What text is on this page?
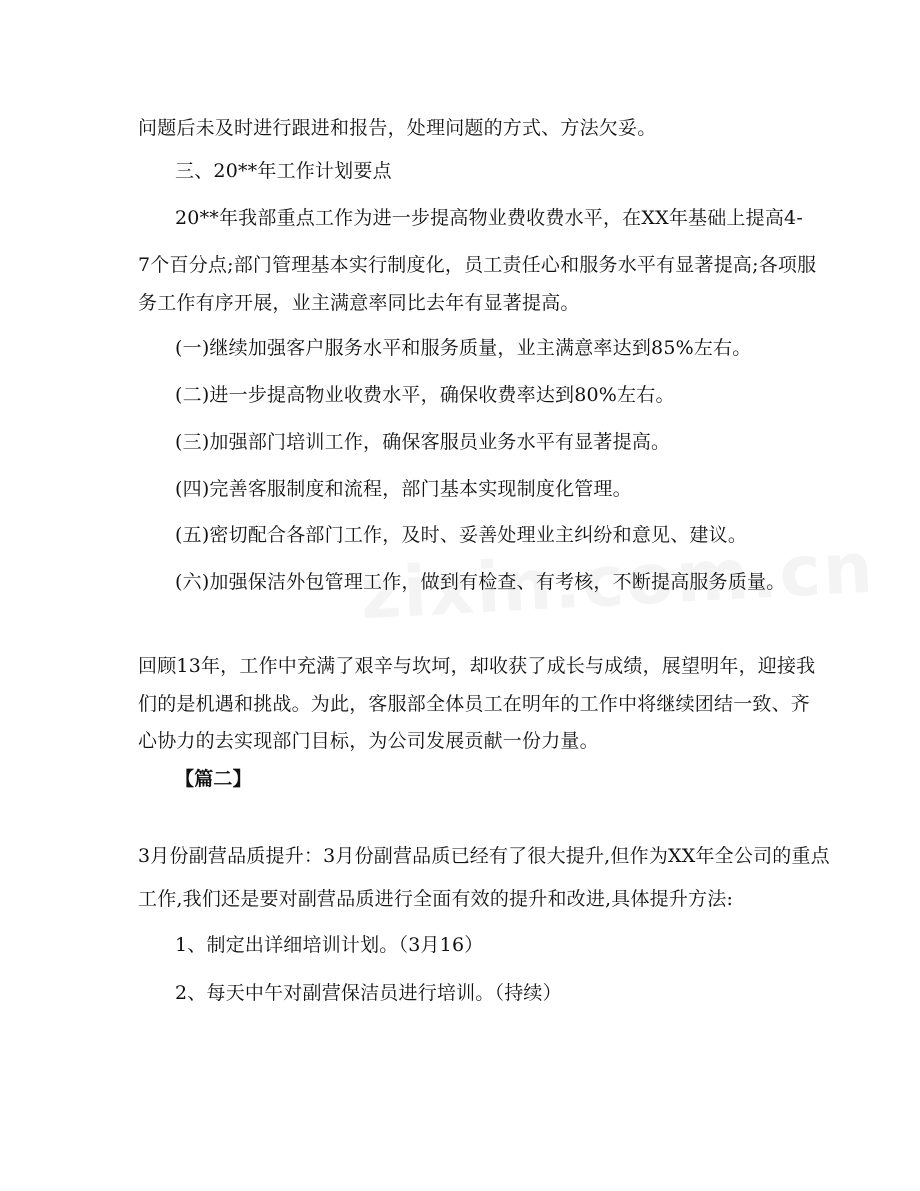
问题后未及时进行跟进和报告，处理问题的方式、方法欠妥。
三、20**年工作计划要点
20**年我部重点工作为进一步提高物业费收费水平，在XX年基础上提高4-
7个百分点;部门管理基本实行制度化，员工责任心和服务水平有显著提高;各项服
务工作有序开展，业主满意率同比去年有显著提高。
(一)继续加强客户服务水平和服务质量，业主满意率达到85%左右。
(二)进一步提高物业收费水平，确保收费率达到80%左右。
(三)加强部门培训工作，确保客服员业务水平有显著提高。
(四)完善客服制度和流程，部门基本实现制度化管理。
(五)密切配合各部门工作，及时、妥善处理业主纠纷和意见、建议。
(六)加强保洁外包管理工作，做到有检查、有考核，不断提高服务质量。
回顾13年，工作中充满了艰辛与坎坷，却收获了成长与成绩，展望明年，迎接我
们的是机遇和挑战。为此，客服部全体员工在明年的工作中将继续团结一致、齐
心协力的去实现部门目标，为公司发展贡献一份力量。
【篇二】
3月份副营品质提升：3月份副营品质已经有了很大提升,但作为XX年全公司的重点
工作,我们还是要对副营品质进行全面有效的提升和改进,具体提升方法:
1、制定出详细培训计划。（3月16）
2、每天中午对副营保洁员进行培训。（持续）
